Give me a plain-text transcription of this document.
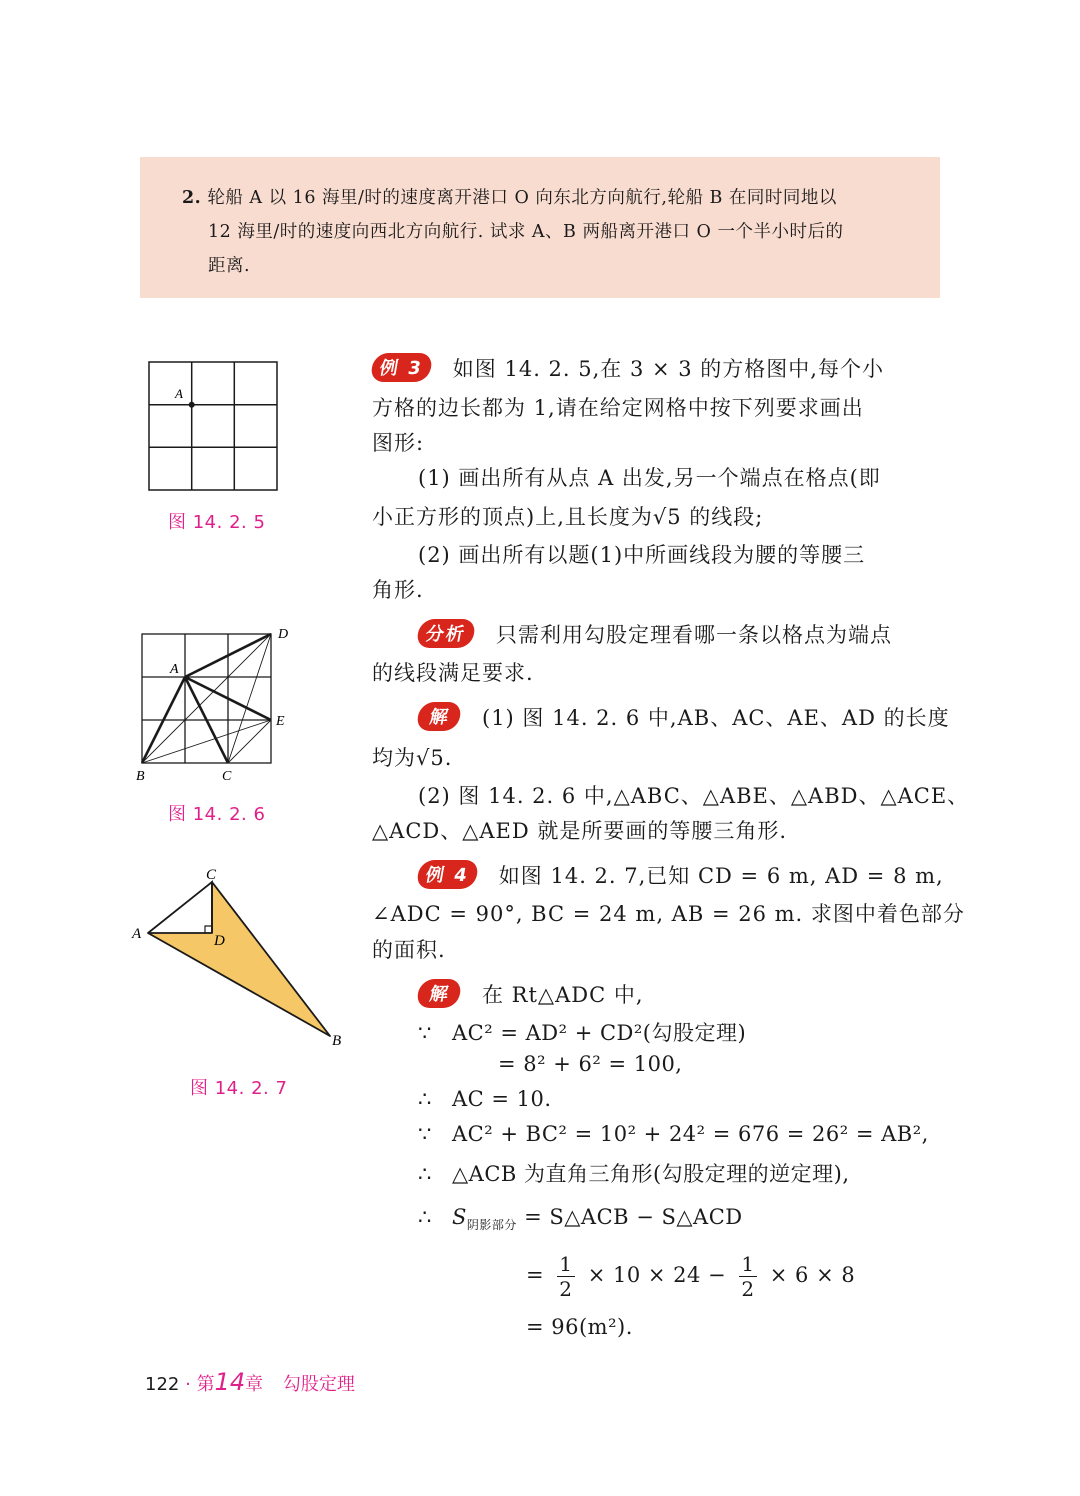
2. 轮船 A 以 16 海里/时的速度离开港口 O 向东北方向航行,轮船 B 在同时同地以
12 海里/时的速度向西北方向航行. 试求 A、B 两船离开港口 O 一个半小时后的
距离.
A
图 14. 2. 5
A
B	C
D
E
图 14. 2. 6
A
B
C
D
图 14. 2. 7
例 3 如图 14. 2. 5,在 3 × 3 的方格图中,每个小
方格的边长都为 1,请在给定网格中按下列要求画出
图形:
(1) 画出所有从点 A 出发,另一个端点在格点(即
小正方形的顶点)上,且长度为√5 的线段;
(2) 画出所有以题(1)中所画线段为腰的等腰三
角形.
分析 只需利用勾股定理看哪一条以格点为端点
的线段满足要求.
解 (1) 图 14. 2. 6 中,AB、AC、AE、AD 的长度
均为√5.
(2) 图 14. 2. 6 中,△ABC、△ABE、△ABD、△ACE、
△ACD、△AED 就是所要画的等腰三角形.
例 4 如图 14. 2. 7,已知 CD = 6 m, AD = 8 m,
∠ADC = 90°, BC = 24 m, AB = 26 m. 求图中着色部分
的面积.
解 在 Rt△ADC 中,
∵ AC² = AD² + CD²(勾股定理)
= 8² + 6² = 100,
∴ AC = 10.
∵ AC² + BC² = 10² + 24² = 676 = 26² = AB²,
∴ △ACB 为直角三角形(勾股定理的逆定理),
∴ $S_{阴影部分}$ = S△ACB − S△ACD
= $\frac{1}{2} \times 10 \times 24 - \frac{1}{2} \times 6 \times 8$
= 96(m²).
122 · 第14章 勾股定理
